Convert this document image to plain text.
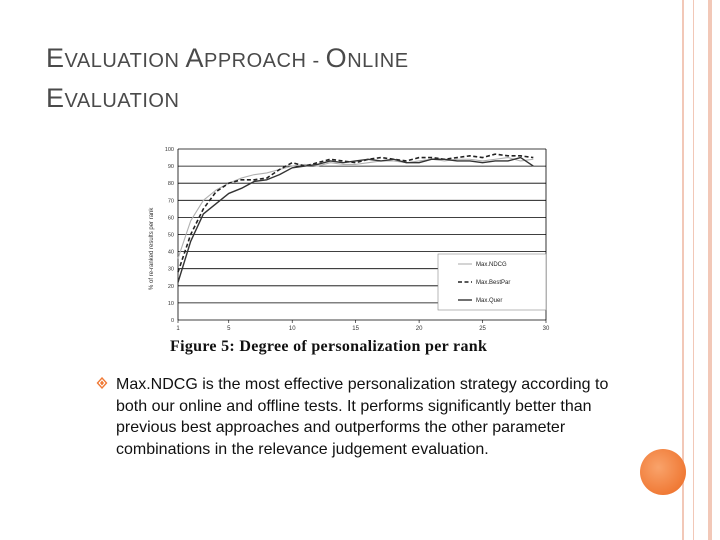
EVALUATION APPROACH - ONLINE
EVALUATION
0
10
20
30
40
50
60
70
80
90
100
1	5	10	15	20	25	30
% of re-ranked results per rank	Max.NDCG
Max.BestPar
Max.Quer
Figure 5: Degree of personalization per rank
Max.NDCG is the most effective personalization strategy according to both our online and offline tests. It performs significantly better than previous best approaches and outperforms the other parameter combinations in the relevance judgement evaluation.
